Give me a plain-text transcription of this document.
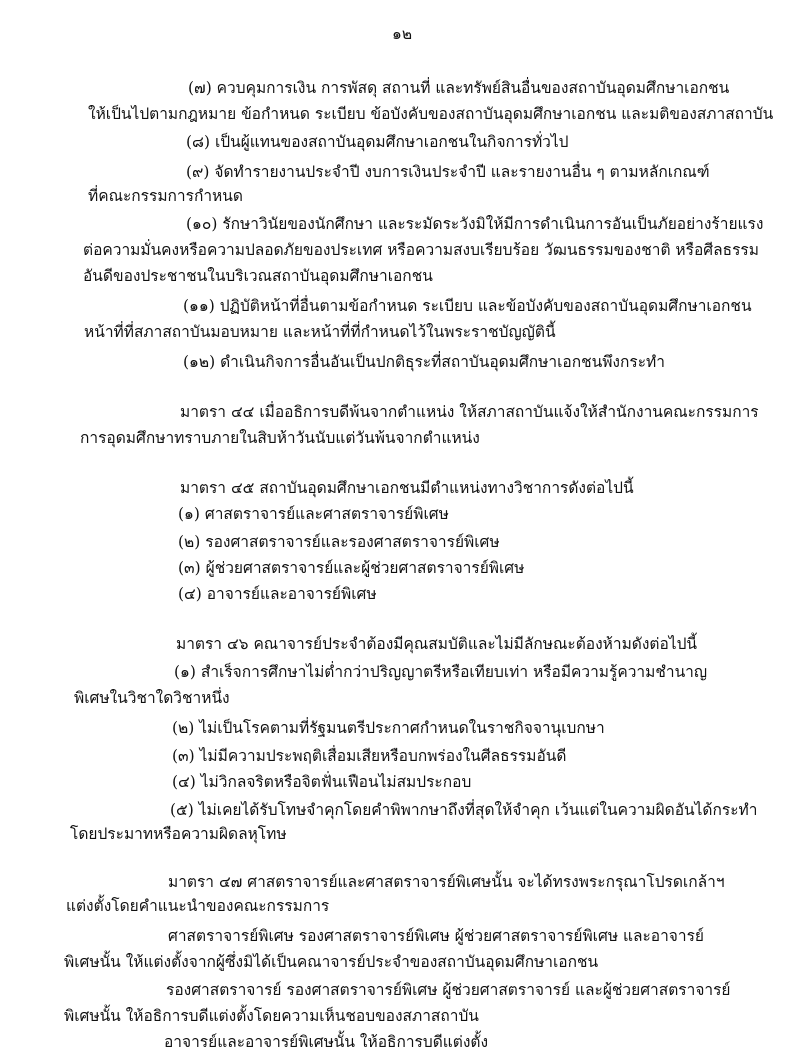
๑๒
(๗) ควบคุมการเงิน การพัสดุ สถานที่ และทรัพย์สินอื่นของสถาบันอุดมศึกษาเอกชน
ให้เป็นไปตามกฎหมาย ข้อกำหนด ระเบียบ ข้อบังคับของสถาบันอุดมศึกษาเอกชน และมติของสภาสถาบัน
(๘) เป็นผู้แทนของสถาบันอุดมศึกษาเอกชนในกิจการทั่วไป
(๙) จัดทำรายงานประจำปี งบการเงินประจำปี และรายงานอื่น ๆ ตามหลักเกณฑ์
ที่คณะกรรมการกำหนด
(๑๐) รักษาวินัยของนักศึกษา และระมัดระวังมิให้มีการดำเนินการอันเป็นภัยอย่างร้ายแรง
ต่อความมั่นคงหรือความปลอดภัยของประเทศ หรือความสงบเรียบร้อย วัฒนธรรมของชาติ หรือศีลธรรม
อันดีของประชาชนในบริเวณสถาบันอุดมศึกษาเอกชน
(๑๑) ปฏิบัติหน้าที่อื่นตามข้อกำหนด ระเบียบ และข้อบังคับของสถาบันอุดมศึกษาเอกชน
หน้าที่ที่สภาสถาบันมอบหมาย และหน้าที่ที่กำหนดไว้ในพระราชบัญญัตินี้
(๑๒) ดำเนินกิจการอื่นอันเป็นปกติธุระที่สถาบันอุดมศึกษาเอกชนพึงกระทำ
มาตรา ๔๔ เมื่ออธิการบดีพ้นจากตำแหน่ง ให้สภาสถาบันแจ้งให้สำนักงานคณะกรรมการ
การอุดมศึกษาทราบภายในสิบห้าวันนับแต่วันพ้นจากตำแหน่ง
มาตรา ๔๕ สถาบันอุดมศึกษาเอกชนมีตำแหน่งทางวิชาการดังต่อไปนี้
(๑) ศาสตราจารย์และศาสตราจารย์พิเศษ
(๒) รองศาสตราจารย์และรองศาสตราจารย์พิเศษ
(๓) ผู้ช่วยศาสตราจารย์และผู้ช่วยศาสตราจารย์พิเศษ
(๔) อาจารย์และอาจารย์พิเศษ
มาตรา ๔๖ คณาจารย์ประจำต้องมีคุณสมบัติและไม่มีลักษณะต้องห้ามดังต่อไปนี้
(๑) สำเร็จการศึกษาไม่ต่ำกว่าปริญญาตรีหรือเทียบเท่า หรือมีความรู้ความชำนาญ
พิเศษในวิชาใดวิชาหนึ่ง
(๒) ไม่เป็นโรคตามที่รัฐมนตรีประกาศกำหนดในราชกิจจานุเบกษา
(๓) ไม่มีความประพฤติเสื่อมเสียหรือบกพร่องในศีลธรรมอันดี
(๔) ไม่วิกลจริตหรือจิตฟั่นเฟือนไม่สมประกอบ
(๕) ไม่เคยได้รับโทษจำคุกโดยคำพิพากษาถึงที่สุดให้จำคุก เว้นแต่ในความผิดอันได้กระทำ
โดยประมาทหรือความผิดลหุโทษ
มาตรา ๔๗ ศาสตราจารย์และศาสตราจารย์พิเศษนั้น จะได้ทรงพระกรุณาโปรดเกล้าฯ
แต่งตั้งโดยคำแนะนำของคณะกรรมการ
ศาสตราจารย์พิเศษ รองศาสตราจารย์พิเศษ ผู้ช่วยศาสตราจารย์พิเศษ และอาจารย์
พิเศษนั้น ให้แต่งตั้งจากผู้ซึ่งมิได้เป็นคณาจารย์ประจำของสถาบันอุดมศึกษาเอกชน
รองศาสตราจารย์ รองศาสตราจารย์พิเศษ ผู้ช่วยศาสตราจารย์ และผู้ช่วยศาสตราจารย์
พิเศษนั้น ให้อธิการบดีแต่งตั้งโดยความเห็นชอบของสภาสถาบัน
อาจารย์และอาจารย์พิเศษนั้น ให้อธิการบดีแต่งตั้ง
